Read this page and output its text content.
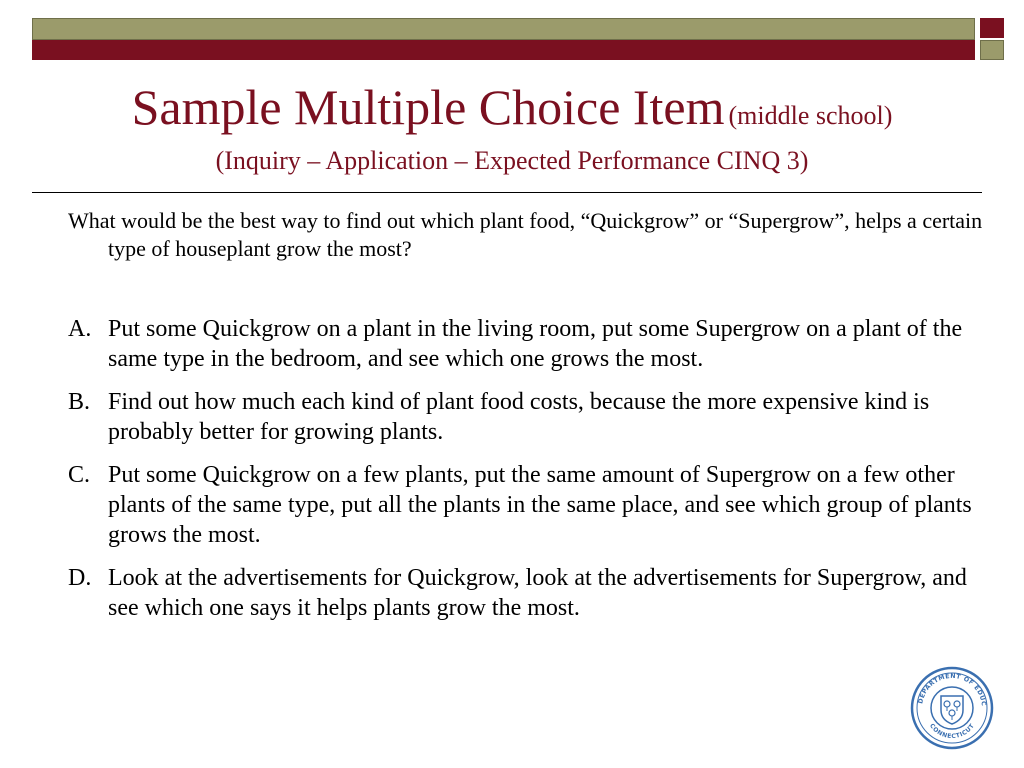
Sample Multiple Choice Item (middle school)
(Inquiry – Application – Expected Performance CINQ 3)
What would be the best way to find out which plant food, “Quickgrow” or “Supergrow”, helps a certain type of houseplant grow the most?
A. Put some Quickgrow on a plant in the living room, put some Supergrow on a plant of the same type in the bedroom, and see which one grows the most.
B. Find out how much each kind of plant food costs, because the more expensive kind is probably better for growing plants.
C. Put some Quickgrow on a few plants, put the same amount of Supergrow on a few other plants of the same type, put all the plants in the same place, and see which group of plants grows the most.
D. Look at the advertisements for Quickgrow, look at the advertisements for Supergrow, and see which one says it helps plants grow the most.
DEPARTMENT OF EDUC
CONNECTICUT
